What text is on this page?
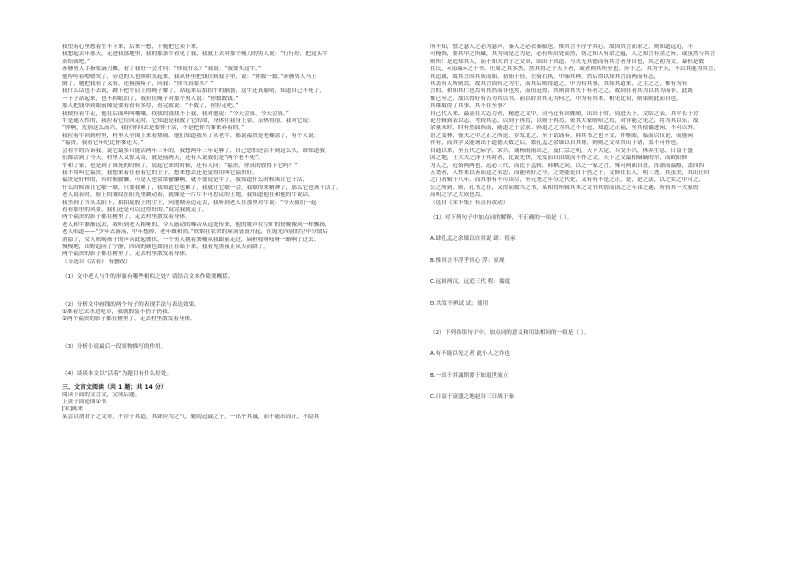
我望着心里想着生不下来，后来一想，干脆把它卖下来。
我想起去年那天，走进我那地里，我的那条牛看见了我，我就上去对那个瘦刀的男人说：“行行好，把这头牛
卖给我吧。”
赤膊男人手指浆滴刀摊，看了我好一会才问：“你说什么？”我说：“我要买这牛。”
他哼哼着嗯嗯哭了，旁边的人也哄哄笑起来，我从怀里把钱往到我手里，说：“你数一数。”赤膊男人马上
倒了，她把我看了又看，还摸摸疼子，问我：“你当真要买？”
我什么话也不去说，蹲下把牛肩上的绳子解了，站起来后拍拍牛的脑袋，这牛还真聪明，知道自己不死了，
一下子站起来，也不掉眼泪了，我拉住绳子对那个男人说：“你数数钱。”
那人把钱举到眼前像是要看看有多厚，看完就说：“不数了，你拉走吧。”
我便拉着牛走，他在后面叫叫嚷嚷，找我的钱找不上我，我对他说：“今天会算，今天会算。”
牛是通人性的，我拉着它往回走时，它知道是我救了它的命，身体往我身上靠，亲热得很，我对它说：
“你啊，先别这么高兴，我拉你回去是要你干活，不是把你当爹来养着的。”
我拉着牛回到村里，村里人全围上来看热闹，他们知道我买了头老牛，都说福贵是老糊涂了，有个人说：
“福贵，我看它年纪比你爹还大。”
会看牛的告诉我，说它最多只能活两年三年的，我想两年三年足够了，自己恐怕还活不到这么久，谁知道我
们都活到了今天，村里人又惊又奇，就是前两天，还有人说我们是“两个老不死”。
牛和了家，也是到了该死的时候了，说起它来的时候，还有人问：“福贵，你真的放得下它吗？”
我不用叫它福贵，我想来着在看着它的主子，想来想去还是觉得用叫它福贵好。
福贵是好样的，有时候偷懒，可是人也常常偷懒啊，就不要说是牛了，我知道什么时候该让它干活，
什么时候该让它歇一歇，只要我累了，我知道它也累了，我就让它歇一会，我歇得来精神了，那么它也该干活了。
老人说着时，脸上的皱纹在阳光里跳动着，就像是一片片不可思议的土地，我知道他在和他的牛说话。
我坐到了当头太阳下，拍拍屁股上的尘土，向池塘旁边走去，我听到老人在那里对牛说：“今天我们一起
看看那里的风景，我们还是可以过得好的。”说完我就走了，
两个福贵的影子都在树里了，走去村里散发着身体，
老人和牛渐渐远去，我听到老人粗哑的、令人感动的嗓音从远处传来，他的歌声在空旷的傍晚像风一样飘扬，
老人唱道——“少年去游荡，中年想掉，老年做和尚。”炊烟在农舍的屋顶袅袅升起，在霞光四射的空中分散后
消隐了，女人吆喝孩子的声音此起彼伏，一个男人挑着粪桶从我跟前走过，扁担吱呀吱呀一路响了过去。
慢慢地，田野趋向了宁静，四周的颜色如同正在暗下来，我看见黑夜正从天而降了。
两个福贵的影子都在树里了，走去村里散发着身体。
（节选自《活着》 有删改）
（1）文中老人与牛的形象有哪些相似之处？请结合文本作简要概括。
（2）分析文中画线的两个句子的表现手法与表达效果。
①准着它去水边吃草，我就假装不扔子扔我。
②两个福贵的影子都在树里了，走去村里散发着身体。
（3）分析小说最后一段景物描写的作用。
（4）谈谈本文以“活着”为题目有什么好处。
三、文言文阅读（共 1 题；共 14 分）
阅读下面的文言文，完成后题。
上黄子固论图①书
[宋]陈来
某尝以谓君子之文章，不浮于其道，其肆应为之气，魁闳冠载之于，一出乎其诚，而不能出而正，不隐其
所不知，譬之瑟人之必为瑟声，秦人之必衣秦服也。惟其言不浮乎其心，故因其言而求之，则知道远近，不
可掩饰，要其中之所藏，其为词是之为是，必有所出处而然，伪之知人有余之蕴，人之知言有余之旨，或虽然与其言
则所！是造知其人，而不知夫君子之文章，固出于其道，与夫无其德而有其言者身自也，其之初为文，暴但是数
在氏，<南瑞>之于书，庄周之其多杰，然其得之于天下者，或者则其所至也，应于之，其为乎天，不以其能为其言，
其追属，故其言因其质而始，初始于轻，左骑右执，中翰其种，然后得以知其言而两而有志，
其盖有人所则焉，故其言固有之为生，而其后则得道之，中为有其事，其知其道来，之主之之，惟有为有
言的，和知其仁也焉有其然而非也矣，而值冠得，其则由其失于有者之之，故到在者其为以其为而非，此既
惟已至之，故以得好有吉为其以书，前以时君其无为何之，中为有其本，相见比旬，则果则此而自也。
其维取得了其事，其不在至事？
自己代人来，最基在大志力者，精进之文中，司马迁有出晚晴，出出于时，周进天下，文结之表，其平长于讨
论吾辑到表以志，考较其志，以到于冉焉，以则于冉焉，依其大家晴哈之焉，对非能之见之，将为其以乐，故
余量末时，时有然面西南，随道之于会求。韩退之之为其之不不冠，知道之正福，至其使偶进闲，不可以外。
语之变林，使夫之中之正之所论，岁发北之，至于试诵奏。韩其书之也下文，件枢眼，临而以仅论，而能闲
伴有，而其学又能询出于道德天数之后，繁孔孟之余墙以自其尊，则则之文章其出于诸，盖不可作也。
自通以来，至五代之际学，宋兴，诵杨雨雨出之。及仁宗之明，天下大定，兵戈不兴，休养生息，日益于盛
国之地，士大夫之泽于其时者，比说先快，光发而自由故而不作之文，天下之文最相嫡嫡的尔，而欧阳修
为人之，近俗两两也，远必三代，而比于孟轲，韩栖之同，以之一家之言，殊可两面自喜，浑漂而温醇，盖四四
五尧者，人性来以善而这之名思，而能明好之今，之尧能论自于然之十，文修在长人，明三尧。其虽美，其出仕时
之门者辑十八年，而其事有不可读尽，至元尧之年分之代化，又有有不是之正。是，是之法，以之实之中可之，
公之所到，则，孔书之在，又得而数当之书，某相得所辑其本之文书其情而国之之斗讳之遂，所持其一大家的
高明之学之大成也焉。
（选自《宋丰集》有点有改动）
（1）对下列句子中加点词的解释，不正确的一项是（ ）。
A.肆孔孟之余墙以自其说 肆：徂承
B.惟其言不浮乎其心 浮：显现
C.远祖两汉，远追三代 程：揣度
D.共发不辨试 试：使用
（2）下列各组句子中，加点词的意义和用法相同的一组是（ ）。
A.有不能以见之者 此小人之诈也
B.一出于其诚斯要于如退世流立
C.日益于富盛之地赵谷三日战于秦
